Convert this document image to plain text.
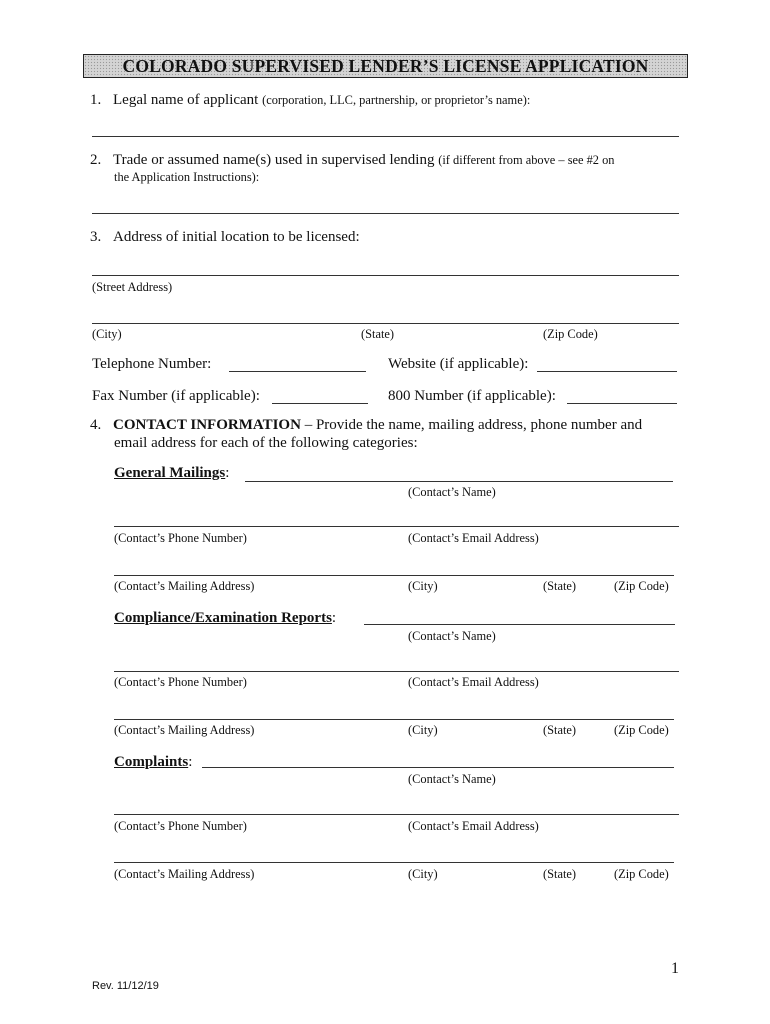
COLORADO SUPERVISED LENDER’S LICENSE APPLICATION
1. Legal name of applicant (corporation, LLC, partnership, or proprietor’s name):
2. Trade or assumed name(s) used in supervised lending (if different from above – see #2 on
the Application Instructions):
3. Address of initial location to be licensed:
(Street Address)
(City)	(State)	(Zip Code)
Telephone Number:	Website (if applicable):
Fax Number (if applicable):	800 Number (if applicable):
4. CONTACT INFORMATION – Provide the name, mailing address, phone number and
email address for each of the following categories:
General Mailings:
(Contact’s Name)
(Contact’s Phone Number)	(Contact’s Email Address)
(Contact’s Mailing Address)	(City)	(State)	(Zip Code)
Compliance/Examination Reports:
(Contact’s Name)
(Contact’s Phone Number)	(Contact’s Email Address)
(Contact’s Mailing Address)	(City)	(State)	(Zip Code)
Complaints:
(Contact’s Name)
(Contact’s Phone Number)	(Contact’s Email Address)
(Contact’s Mailing Address)	(City)	(State)	(Zip Code)
1
Rev. 11/12/19
